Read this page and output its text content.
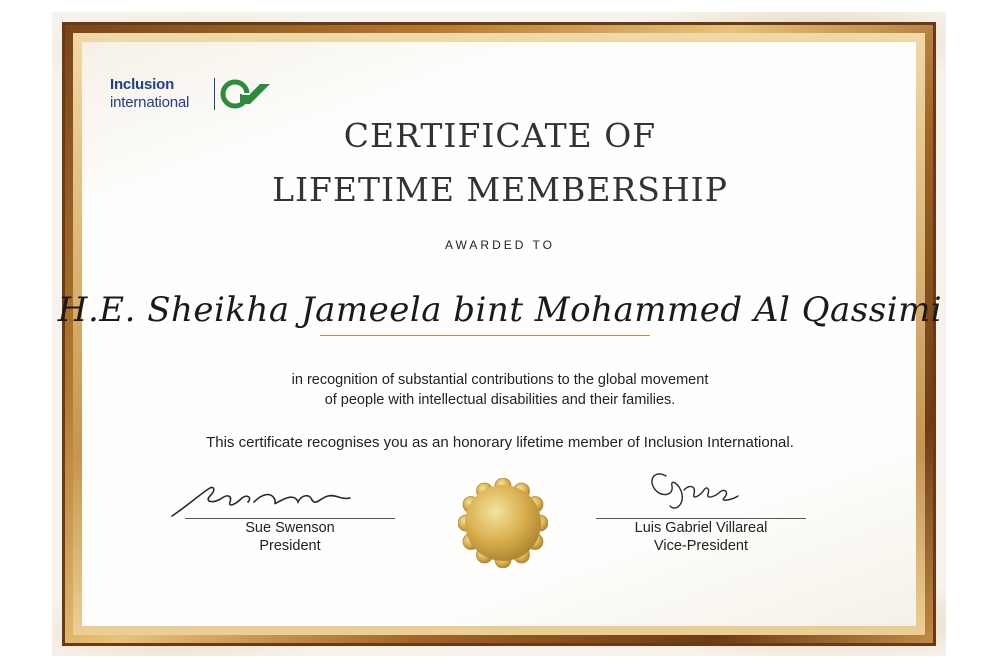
Inclusion
international
CERTIFICATE OF
LIFETIME MEMBERSHIP
AWARDED TO
H.E. Sheikha Jameela bint Mohammed Al Qassimi
in recognition of substantial contributions to the global movement
of people with intellectual disabilities and their families.
This certificate recognises you as an honorary lifetime member of Inclusion International.
Sue Swenson
President
Luis Gabriel Villareal
Vice-President
